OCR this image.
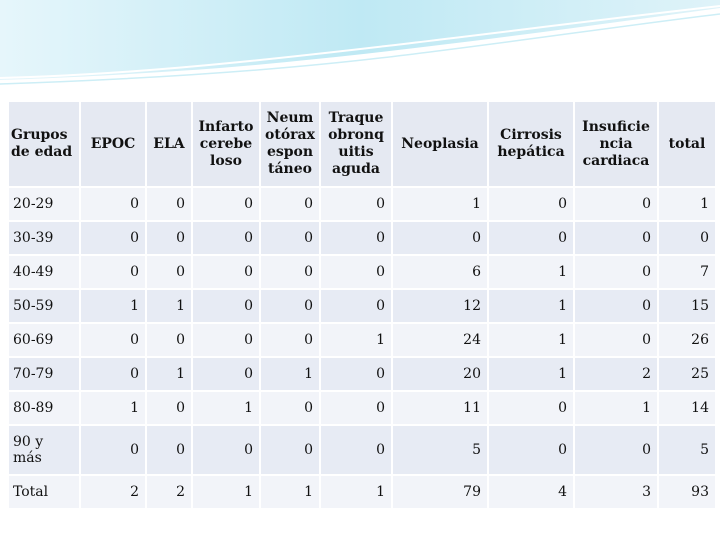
Grupos
de edad	EPOC	ELA	Infarto
cerebe
loso	Neum
otórax
espon
táneo	Traque
obronq
uitis
aguda	Neoplasia	Cirrosis
hepática	Insuficie
ncia
cardiaca	total
20-29	0	0	0	0	0	1	0	0	1
30-39	0	0	0	0	0	0	0	0	0
40-49	0	0	0	0	0	6	1	0	7
50-59	1	1	0	0	0	12	1	0	15
60-69	0	0	0	0	1	24	1	0	26
70-79	0	1	0	1	0	20	1	2	25
80-89	1	0	1	0	0	11	0	1	14
90 y
más	0	0	0	0	0	5	0	0	5
Total	2	2	1	1	1	79	4	3	93
